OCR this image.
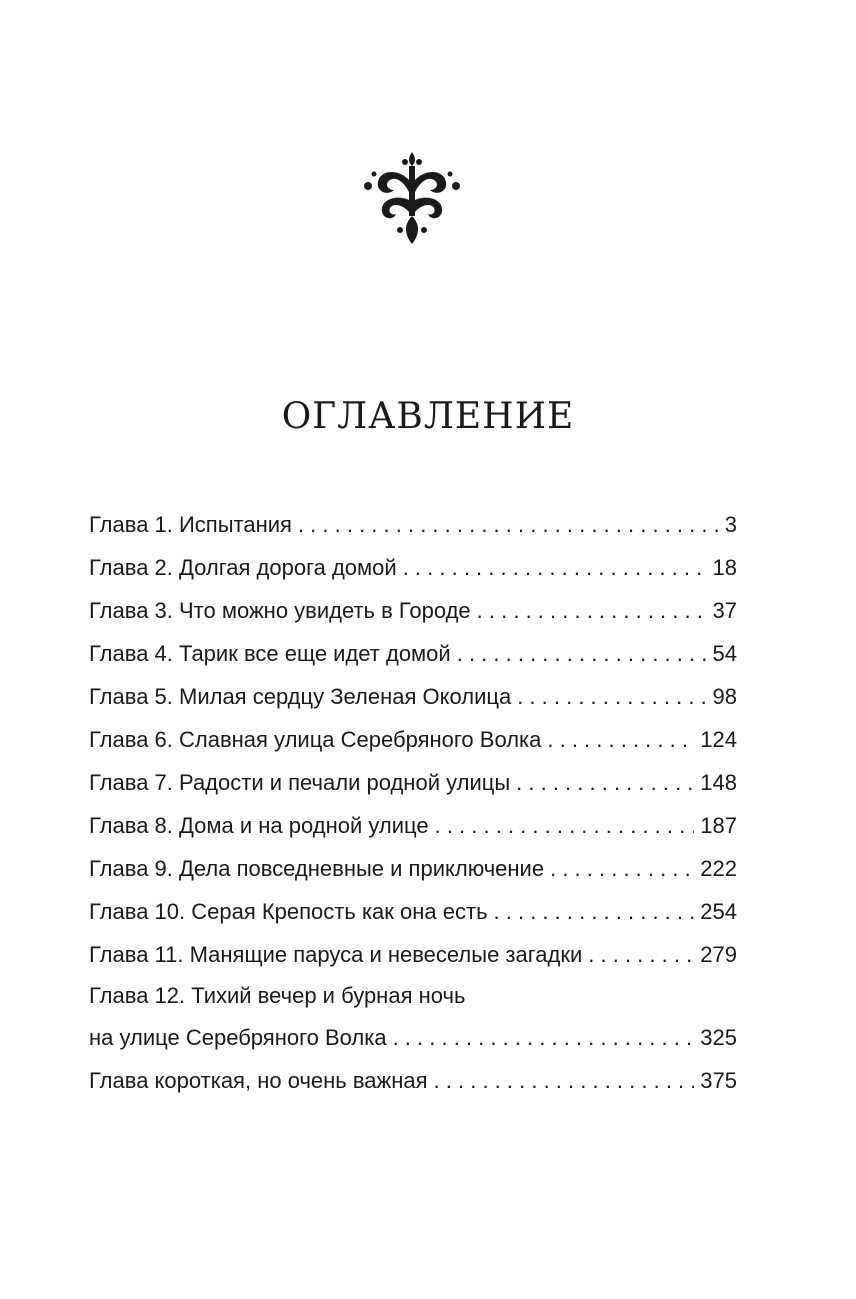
ОГЛАВЛЕНИЕ
Глава 1. Испытания . . .	3
Глава 2. Долгая дорога домой . . .	18
Глава 3. Что можно увидеть в Городе . . .	37
Глава 4. Тарик все еще идет домой . . .	54
Глава 5. Милая сердцу Зеленая Околица . . .	98
Глава 6. Славная улица Серебряного Волка . . .	124
Глава 7. Радости и печали родной улицы . . .	148
Глава 8. Дома и на родной улице . . .	187
Глава 9. Дела повседневные и приключение . . .	222
Глава 10. Серая Крепость как она есть . . .	254
Глава 11. Манящие паруса и невеселые загадки . . .	279
Глава 12. Тихий вечер и бурная ночь
на улице Серебряного Волка . . .	325
Глава короткая, но очень важная . . .	375
